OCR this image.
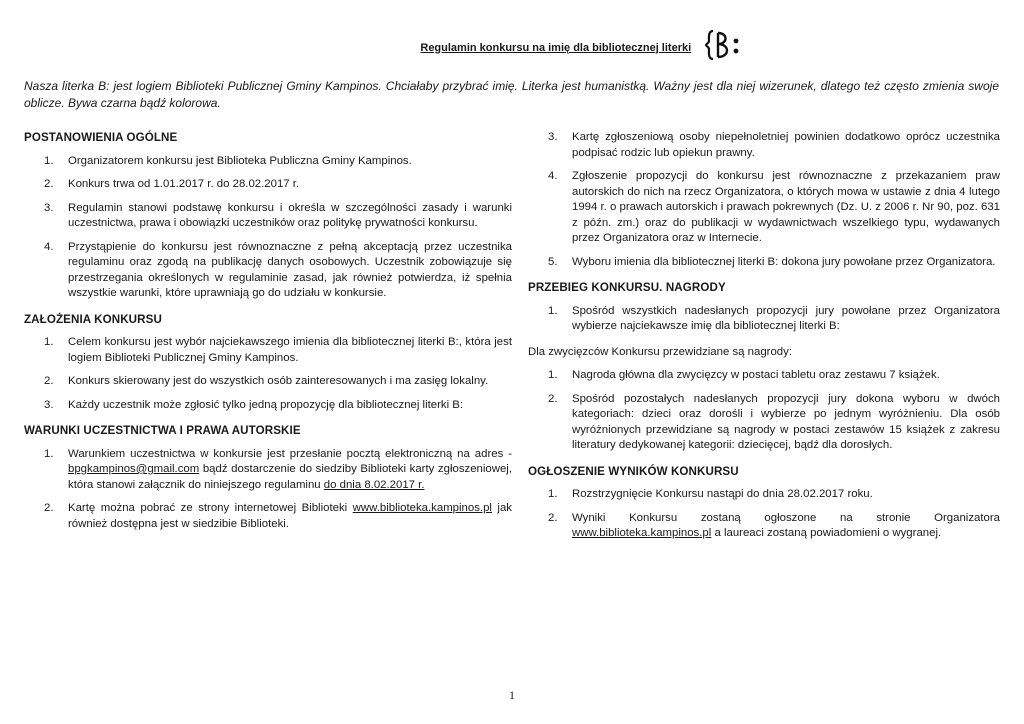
Regulamin konkursu na imię dla bibliotecznej literki
Nasza literka B: jest logiem Biblioteki Publicznej Gminy Kampinos. Chciałaby przybrać imię. Literka jest humanistką. Ważny jest dla niej wizerunek, dlatego też często zmienia swoje oblicze. Bywa czarna bądź kolorowa.
POSTANOWIENIA OGÓLNE
1. Organizatorem konkursu jest Biblioteka Publiczna Gminy Kampinos.
2. Konkurs trwa od 1.01.2017 r. do 28.02.2017 r.
3. Regulamin stanowi podstawę konkursu i określa w szczególności zasady i warunki uczestnictwa, prawa i obowiązki uczestników oraz politykę prywatności konkursu.
4. Przystąpienie do konkursu jest równoznaczne z pełną akceptacją przez uczestnika regulaminu oraz zgodą na publikację danych osobowych. Uczestnik zobowiązuje się przestrzegania określonych w regulaminie zasad, jak również potwierdza, iż spełnia wszystkie warunki, które uprawniają go do udziału w konkursie.
ZAŁOŻENIA KONKURSU
1. Celem konkursu jest wybór najciekawszego imienia dla bibliotecznej literki B:, która jest logiem Biblioteki Publicznej Gminy Kampinos.
2. Konkurs skierowany jest do wszystkich osób zainteresowanych i ma zasięg lokalny.
3. Każdy uczestnik może zgłosić tylko jedną propozycję dla bibliotecznej literki B:
WARUNKI UCZESTNICTWA I PRAWA AUTORSKIE
1. Warunkiem uczestnictwa w konkursie jest przesłanie pocztą elektroniczną na adres - bpgkampinos@gmail.com bądź dostarczenie do siedziby Biblioteki karty zgłoszeniowej, która stanowi załącznik do niniejszego regulaminu do dnia 8.02.2017 r.
2. Kartę można pobrać ze strony internetowej Biblioteki www.biblioteka.kampinos.pl jak również dostępna jest w siedzibie Biblioteki.
3. Kartę zgłoszeniową osoby niepełnoletniej powinien dodatkowo oprócz uczestnika podpisać rodzic lub opiekun prawny.
4. Zgłoszenie propozycji do konkursu jest równoznaczne z przekazaniem praw autorskich do nich na rzecz Organizatora, o których mowa w ustawie z dnia 4 lutego 1994 r. o prawach autorskich i prawach pokrewnych (Dz. U. z 2006 r. Nr 90, poz. 631 z późn. zm.) oraz do publikacji w wydawnictwach wszelkiego typu, wydawanych przez Organizatora oraz w Internecie.
5. Wyboru imienia dla bibliotecznej literki B: dokona jury powołane przez Organizatora.
PRZEBIEG KONKURSU. NAGRODY
1. Spośród wszystkich nadesłanych propozycji jury powołane przez Organizatora wybierze najciekawsze imię dla bibliotecznej literki B:

Dla zwycięzców Konkursu przewidziane są nagrody:

1. Nagroda główna dla zwycięzcy w postaci tabletu oraz zestawu 7 książek.
2. Spośród pozostałych nadesłanych propozycji jury dokona wyboru w dwóch kategoriach: dzieci oraz dorośli i wybierze po jednym wyróżnieniu. Dla osób wyróżnionych przewidziane są nagrody w postaci zestawów 15 książek z zakresu literatury dedykowanej kategorii: dziecięcej, bądź dla dorosłych.
OGŁOSZENIE WYNIKÓW KONKURSU
1. Rozstrzygnięcie Konkursu nastąpi do dnia 28.02.2017 roku.
2. Wyniki Konkursu zostaną ogłoszone na stronie Organizatora www.biblioteka.kampinos.pl a laureaci zostaną powiadomieni o wygranej.
1
